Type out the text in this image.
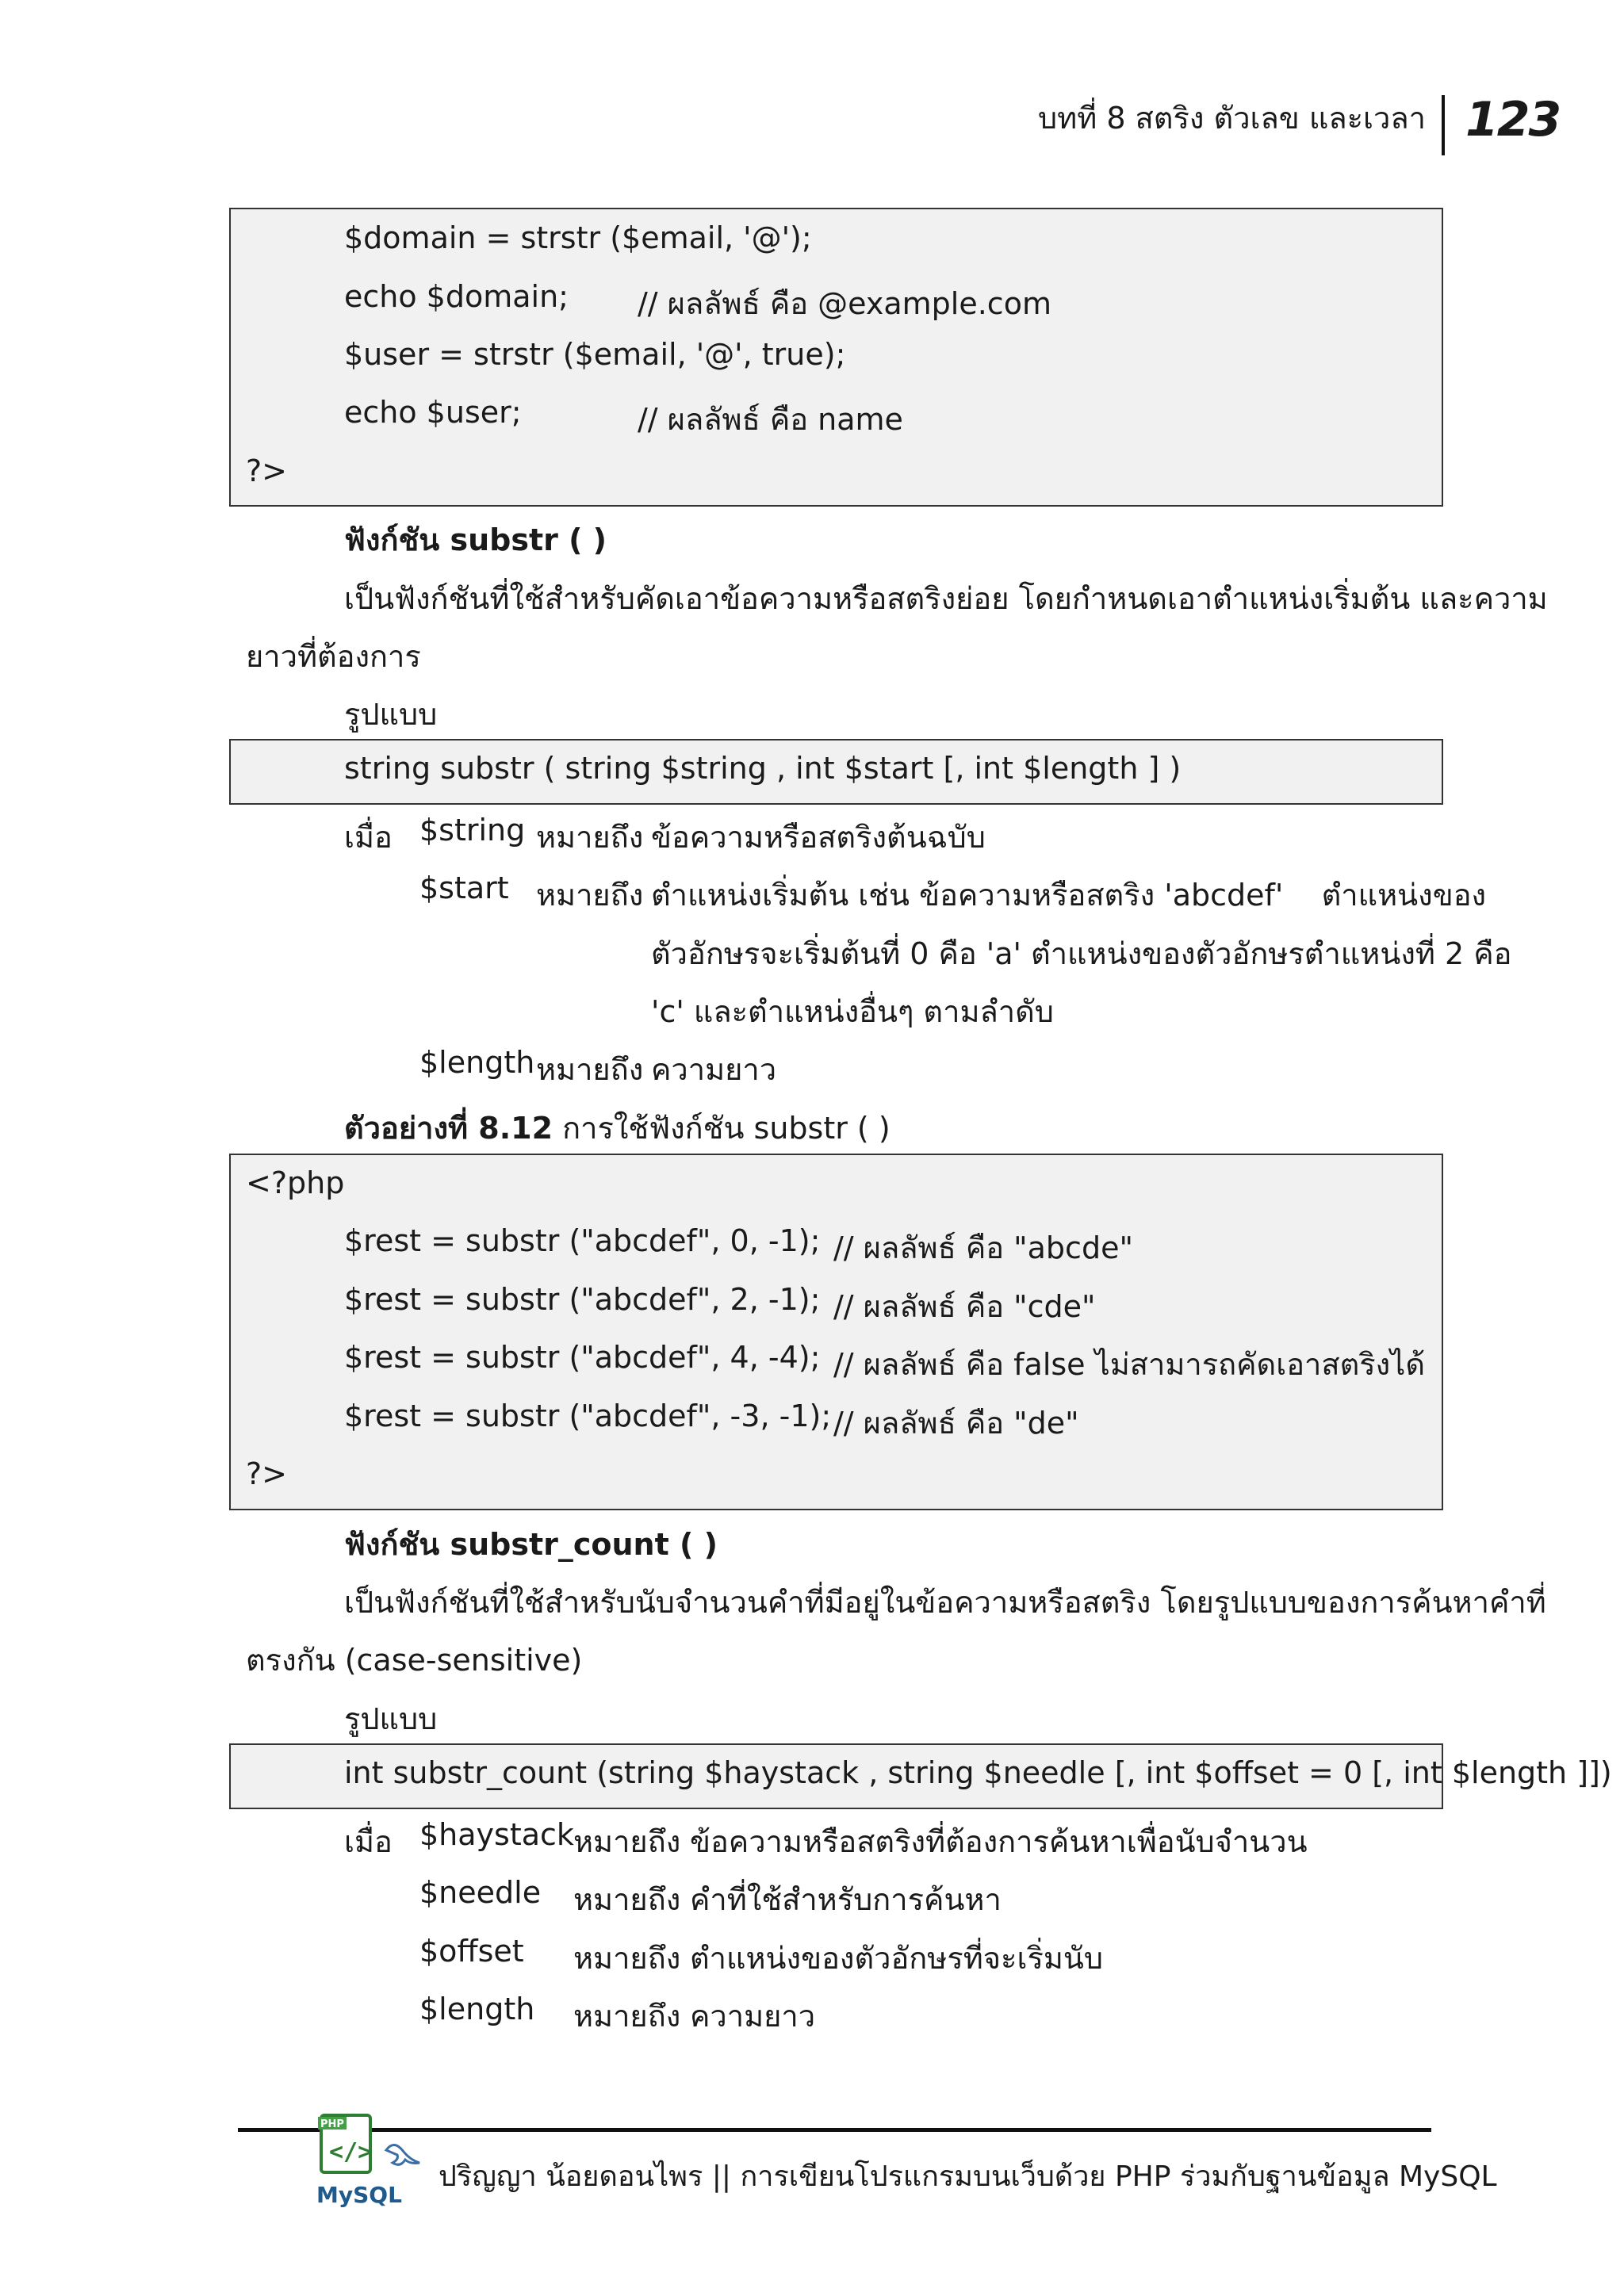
บทที่ 8 สตริง ตัวเลข และเวลา 123
$domain = strstr ($email, '@');
echo $domain; // ผลลัพธ์ คือ @example.com
$user = strstr ($email, '@', true);
echo $user;	// ผลลัพธ์ คือ name
?>
ฟังก์ชัน substr ( )
เป็นฟังก์ชันที่ใช้สำหรับคัดเอาข้อความหรือสตริงย่อย โดยกำหนดเอาตำแหน่งเริ่มต้น และความ
ยาวที่ต้องการ
รูปแบบ
string substr ( string $string , int $start [, int $length ] )
เมื่อ $string หมายถึง ข้อความหรือสตริงต้นฉบับ
$start หมายถึง ตำแหน่งเริ่มต้น เช่น ข้อความหรือสตริง 'abcdef'    ตำแหน่งของ
ตัวอักษรจะเริ่มต้นที่ 0 คือ 'a' ตำแหน่งของตัวอักษรตำแหน่งที่ 2 คือ
'c' และตำแหน่งอื่นๆ ตามลำดับ
$length หมายถึง ความยาว
ตัวอย่างที่ 8.12 การใช้ฟังก์ชัน substr ( )
<?php
$rest = substr ("abcdef", 0, -1); // ผลลัพธ์ คือ "abcde"
$rest = substr ("abcdef", 2, -1); // ผลลัพธ์ คือ "cde"
$rest = substr ("abcdef", 4, -4); // ผลลัพธ์ คือ false ไม่สามารถคัดเอาสตริงได้
$rest = substr ("abcdef", -3, -1); // ผลลัพธ์ คือ "de"
?>
ฟังก์ชัน substr_count ( )
เป็นฟังก์ชันที่ใช้สำหรับนับจำนวนคำที่มีอยู่ในข้อความหรือสตริง โดยรูปแบบของการค้นหาคำที่
ตรงกัน (case-sensitive)
รูปแบบ
int substr_count (string $haystack , string $needle [, int $offset = 0 [, int $length ]])
เมื่อ $haystack หมายถึง ข้อความหรือสตริงที่ต้องการค้นหาเพื่อนับจำนวน
$needle หมายถึง คำที่ใช้สำหรับการค้นหา
$offset หมายถึง ตำแหน่งของตัวอักษรที่จะเริ่มนับ
$length หมายถึง ความยาว
PHP
</>
MySQL
ปริญญา น้อยดอนไพร || การเขียนโปรแกรมบนเว็บด้วย PHP ร่วมกับฐานข้อมูล MySQL
